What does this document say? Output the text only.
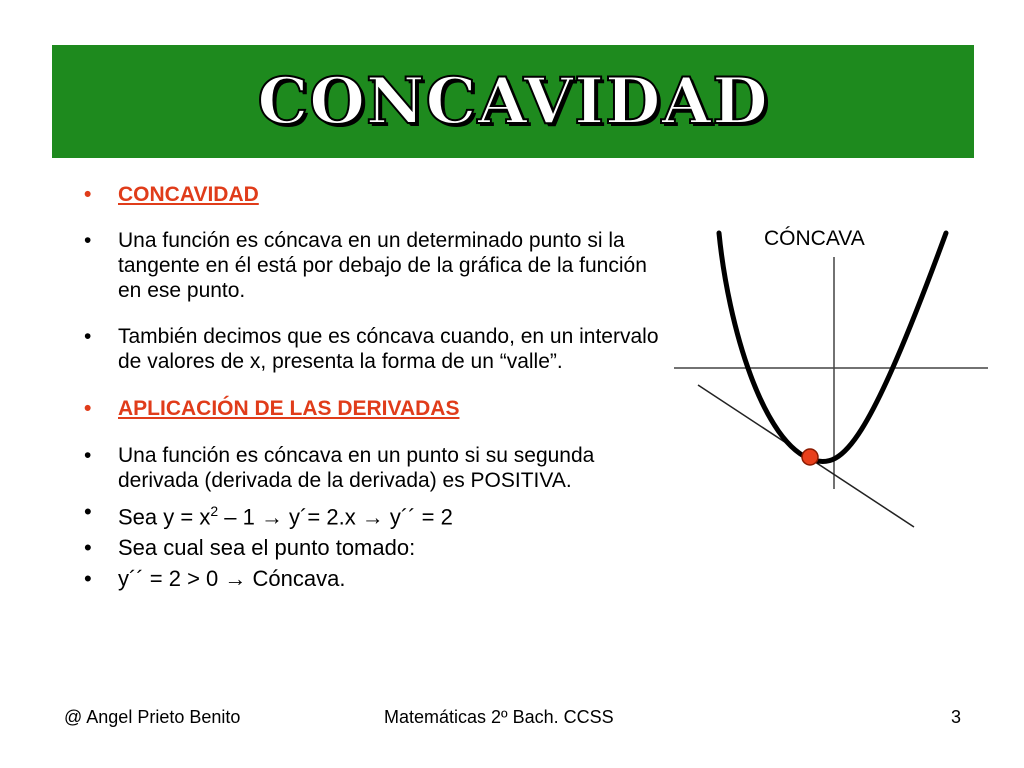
CONCAVIDAD
• CONCAVIDAD
• Una función es cóncava en un determinado punto si la tangente en él está por debajo de la gráfica de la función en ese punto.
• También decimos que es cóncava cuando, en un intervalo de valores de x, presenta la forma de un “valle”.
• APLICACIÓN DE LAS DERIVADAS
• Una función es cóncava en un punto si su segunda derivada (derivada de la derivada) es POSITIVA.
• Sea $y = x^2 - 1$ → y´= 2.x → y´´ = 2
• Sea cual sea el punto tomado:
• y´´ = 2 > 0 → Cóncava.
CÓNCAVA
@ Angel Prieto Benito	Matemáticas 2º Bach. CCSS	3
